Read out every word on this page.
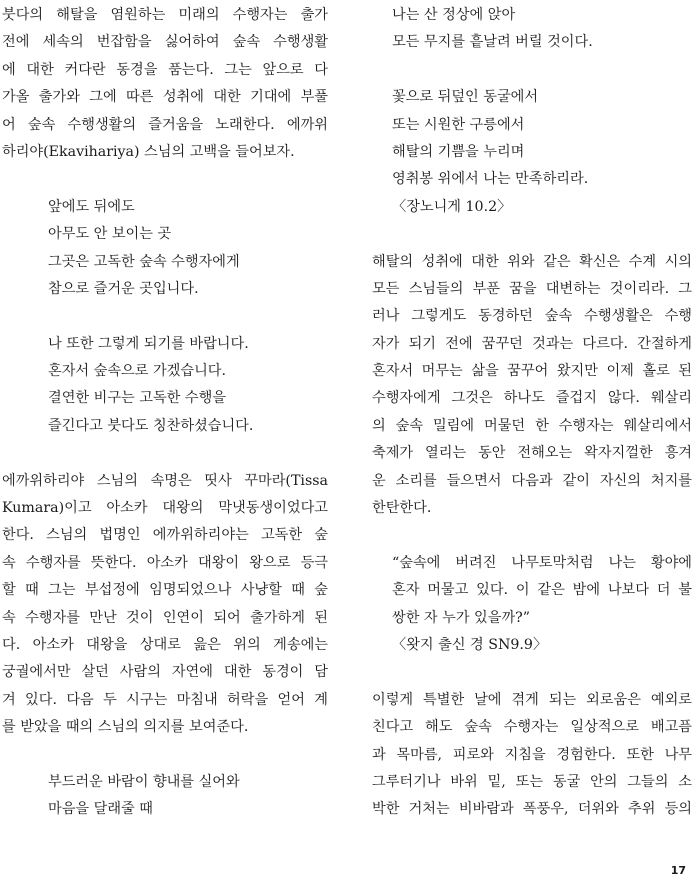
붓다의 해탈을 염원하는 미래의 수행자는 출가
전에 세속의 번잡함을 싫어하여 숲속 수행생활
에 대한 커다란 동경을 품는다. 그는 앞으로 다
가올 출가와 그에 따른 성취에 대한 기대에 부풀
어 숲속 수행생활의 즐거움을 노래한다. 에까위
하리야(Ekavihariya) 스님의 고백을 들어보자.
앞에도 뒤에도
아무도 안 보이는 곳
그곳은 고독한 숲속 수행자에게
참으로 즐거운 곳입니다.
나 또한 그렇게 되기를 바랍니다.
혼자서 숲속으로 가겠습니다.
결연한 비구는 고독한 수행을
즐긴다고 붓다도 칭찬하셨습니다.
에까위하리야 스님의 속명은 띳사 꾸마라(Tissa
Kumara)이고 아소카 대왕의 막냇동생이었다고
한다. 스님의 법명인 에까위하리야는 고독한 숲
속 수행자를 뜻한다. 아소카 대왕이 왕으로 등극
할 때 그는 부섭정에 임명되었으나 사냥할 때 숲
속 수행자를 만난 것이 인연이 되어 출가하게 된
다. 아소카 대왕을 상대로 읊은 위의 게송에는
궁궐에서만 살던 사람의 자연에 대한 동경이 담
겨 있다. 다음 두 시구는 마침내 허락을 얻어 계
를 받았을 때의 스님의 의지를 보여준다.
부드러운 바람이 향내를 실어와
마음을 달래줄 때
나는 산 정상에 앉아
모든 무지를 흩날려 버릴 것이다.
꽃으로 뒤덮인 동굴에서
또는 시원한 구릉에서
해탈의 기쁨을 누리며
영취봉 위에서 나는 만족하리라.
〈장노니게 10.2〉
해탈의 성취에 대한 위와 같은 확신은 수계 시의
모든 스님들의 부푼 꿈을 대변하는 것이리라. 그
러나 그렇게도 동경하던 숲속 수행생활은 수행
자가 되기 전에 꿈꾸던 것과는 다르다. 간절하게
혼자서 머무는 삶을 꿈꾸어 왔지만 이제 홀로 된
수행자에게 그것은 하나도 즐겁지 않다. 웨살리
의 숲속 밀림에 머물던 한 수행자는 웨살리에서
축제가 열리는 동안 전해오는 왁자지껄한 흥겨
운 소리를 들으면서 다음과 같이 자신의 처지를
한탄한다.
“숲속에 버려진 나무토막처럼 나는 황야에
혼자 머물고 있다. 이 같은 밤에 나보다 더 불
쌍한 자 누가 있을까?”
〈왓지 출신 경 SN9.9〉
이렇게 특별한 날에 겪게 되는 외로움은 예외로
친다고 해도 숲속 수행자는 일상적으로 배고픔
과 목마름, 피로와 지침을 경험한다. 또한 나무
그루터기나 바위 밑, 또는 동굴 안의 그들의 소
박한 거처는 비바람과 폭풍우, 더위와 추위 등의
17
